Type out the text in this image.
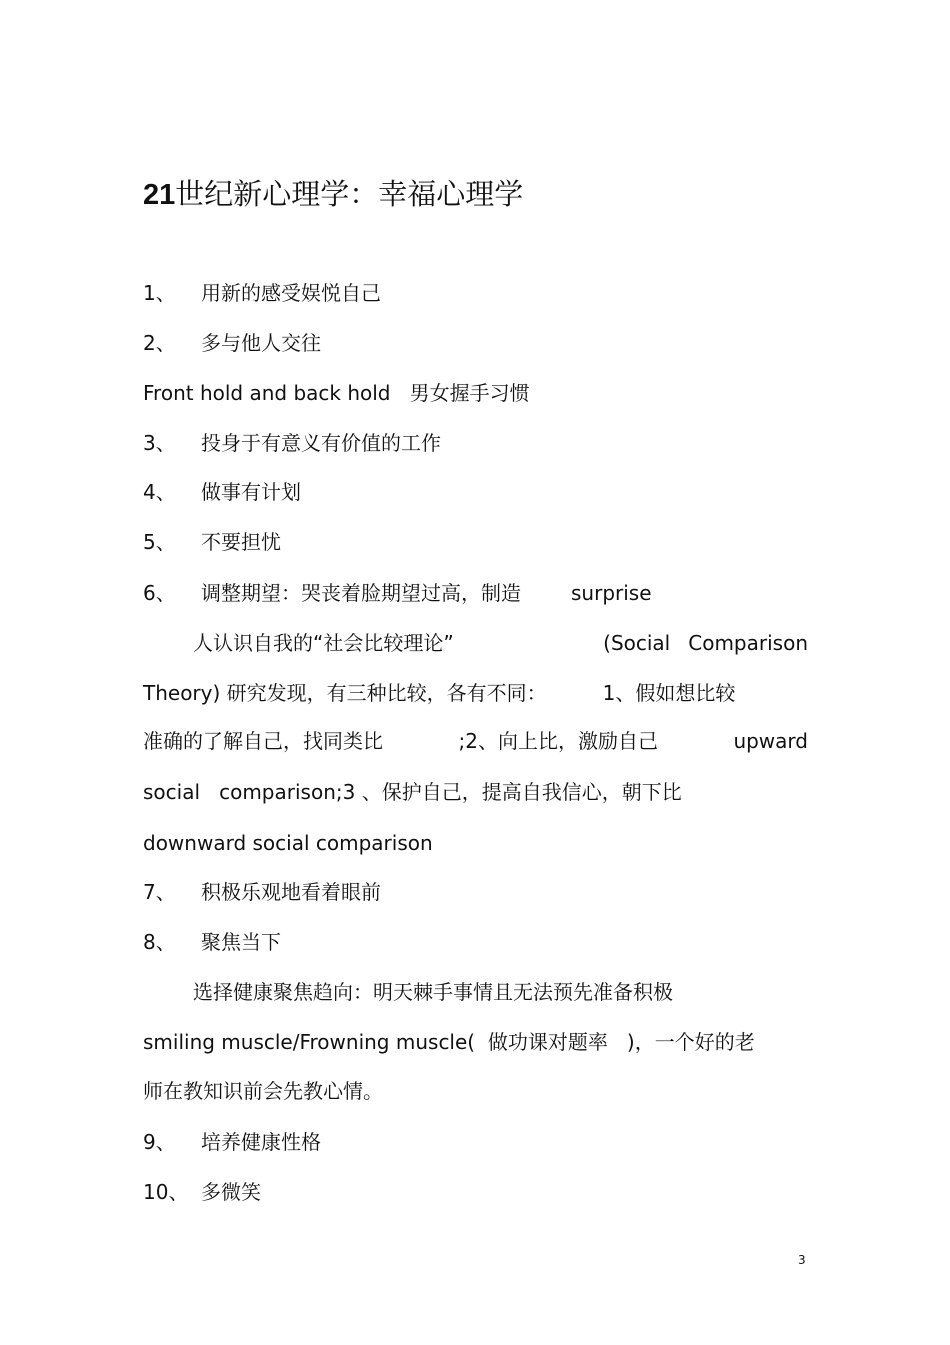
21世纪新心理学：幸福心理学
1、 用新的感受娱悦自己
2、 多与他人交往
Front hold and back hold   男女握手习惯
3、 投身于有意义有价值的工作
4、 做事有计划
5、 不要担忧
6、 调整期望：哭丧着脸期望过高，制造	surprise
人认识自我的“社会比较理论”	(Social Comparison
Theory) 研究发现，有三种比较，各有不同：	1、假如想比较
准确的了解自己，找同类比	;2、向上比，激励自己	upward
social   comparison;3 、保护自己，提高自我信心，朝下比
downward social comparison
7、 积极乐观地看着眼前
8、 聚焦当下
选择健康聚焦趋向：明天棘手事情且无法预先准备积极
smiling muscle/Frowning muscle(  做功课对题率   )，一个好的老
师在教知识前会先教心情。
9、 培养健康性格
10、 多微笑
3
